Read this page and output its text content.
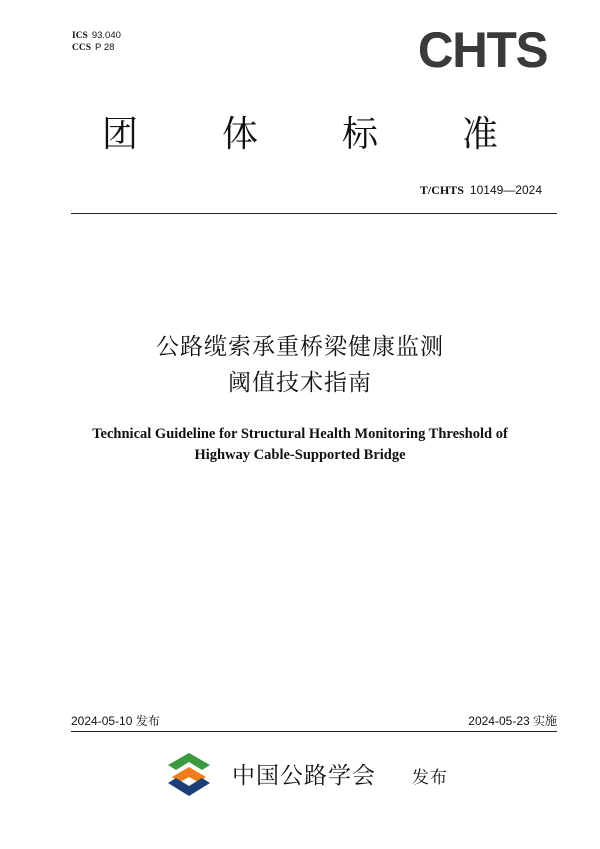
ICS 93.040
CCS P 28	CHTS
团	体	标	准
T/CHTS 10149—2024
公路缆索承重桥梁健康监测
阈值技术指南
Technical Guideline for Structural Health Monitoring Threshold of
Highway Cable-Supported Bridge
2024-05-10 发布	2024-05-23 实施
中国公路学会 发布
